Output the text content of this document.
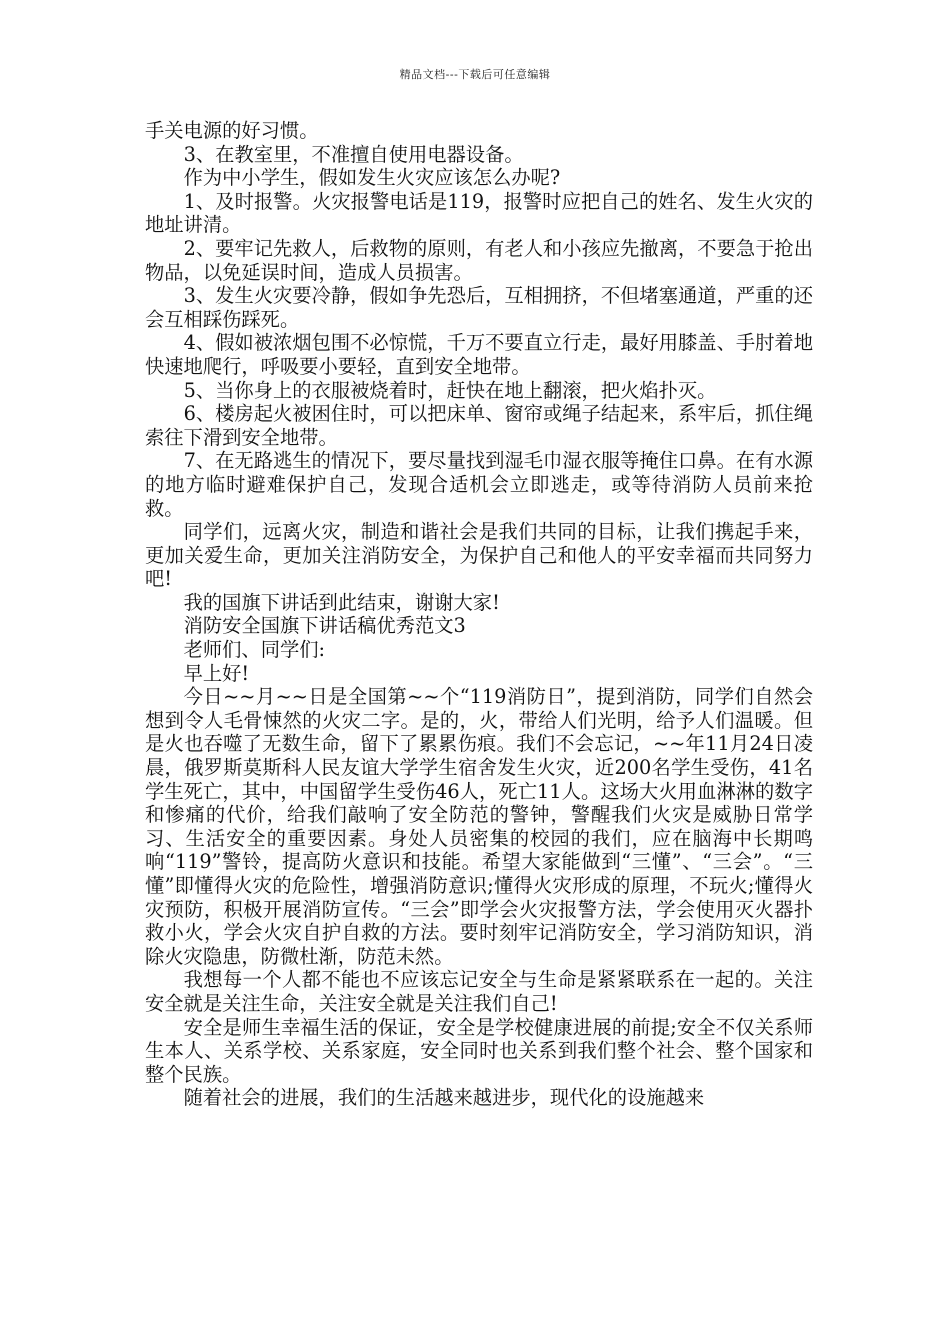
精品文档---下载后可任意编辑

手关电源的好习惯。

3、在教室里，不准擅自使用电器设备。

作为中小学生，假如发生火灾应该怎么办呢?

1、及时报警。火灾报警电话是119，报警时应把自己的姓名、发生火灾的地址讲清。

2、要牢记先救人，后救物的原则，有老人和小孩应先撤离，不要急于抢出物品，以免延误时间，造成人员损害。

3、发生火灾要冷静，假如争先恐后，互相拥挤，不但堵塞通道，严重的还会互相踩伤踩死。

4、假如被浓烟包围不必惊慌，千万不要直立行走，最好用膝盖、手肘着地快速地爬行，呼吸要小要轻，直到安全地带。

5、当你身上的衣服被烧着时，赶快在地上翻滚，把火焰扑灭。

6、楼房起火被困住时，可以把床单、窗帘或绳子结起来，系牢后，抓住绳索往下滑到安全地带。

7、在无路逃生的情况下，要尽量找到湿毛巾湿衣服等掩住口鼻。在有水源的地方临时避难保护自己，发现合适机会立即逃走，或等待消防人员前来抢救。

同学们，远离火灾，制造和谐社会是我们共同的目标，让我们携起手来，更加关爱生命，更加关注消防安全，为保护自己和他人的平安幸福而共同努力吧!

我的国旗下讲话到此结束，谢谢大家!

消防安全国旗下讲话稿优秀范文3

老师们、同学们:

早上好!

今日~~月~~日是全国第~~个“119消防日”，提到消防，同学们自然会想到令人毛骨悚然的火灾二字。是的，火，带给人们光明，给予人们温暖。但是火也吞噬了无数生命，留下了累累伤痕。我们不会忘记，~~年11月24日凌晨，俄罗斯莫斯科人民友谊大学学生宿舍发生火灾，近200名学生受伤，41名学生死亡，其中，中国留学生受伤46人，死亡11人。这场大火用血淋淋的数字和惨痛的代价，给我们敲响了安全防范的警钟，警醒我们火灾是威胁日常学习、生活安全的重要因素。身处人员密集的校园的我们，应在脑海中长期鸣响“119”警铃，提高防火意识和技能。希望大家能做到“三懂”、“三会”。“三懂”即懂得火灾的危险性，增强消防意识;懂得火灾形成的原理，不玩火;懂得火灾预防，积极开展消防宣传。“三会”即学会火灾报警方法，学会使用灭火器扑救小火，学会火灾自护自救的方法。要时刻牢记消防安全，学习消防知识，消除火灾隐患，防微杜渐，防范未然。

我想每一个人都不能也不应该忘记安全与生命是紧紧联系在一起的。关注安全就是关注生命，关注安全就是关注我们自己!

安全是师生幸福生活的保证，安全是学校健康进展的前提;安全不仅关系师生本人、关系学校、关系家庭，安全同时也关系到我们整个社会、整个国家和整个民族。

随着社会的进展，我们的生活越来越进步，现代化的设施越来
